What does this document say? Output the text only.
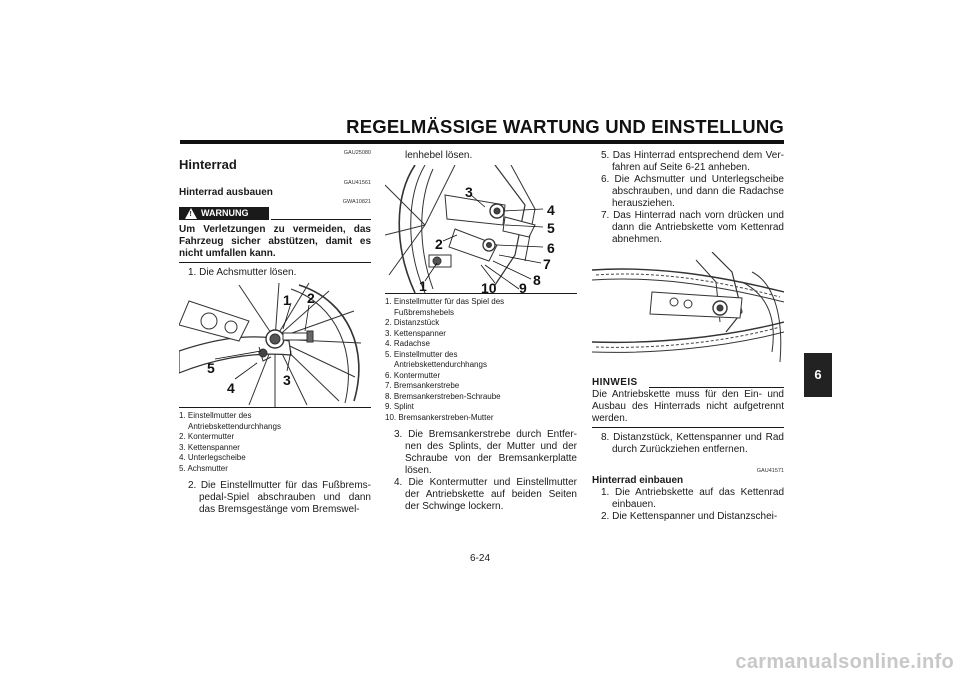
REGELMÄSSIGE WARTUNG UND EINSTELLUNG
GAU25080
Hinterrad
GAU41561
Hinterrad ausbauen
GWA10821
! WARNUNG
Um Verletzungen zu vermeiden, das Fahrzeug sicher abstützen, damit es nicht umfallen kann.
1. Die Achsmutter lösen.
1 2
3
4
5
1. Einstellmutter des
Antriebskettendurchhangs
2. Kontermutter
3. Kettenspanner
4. Unterlegscheibe
5. Achsmutter
2. Die Einstellmutter für das Fußbrems-pedal-Spiel abschrauben und dann das Bremsgestänge vom Bremswel-
lenhebel lösen.
1
2
3
4
5
6
7
8
9
10
1. Einstellmutter für das Spiel des
Fußbremshebels
2. Distanzstück
3. Kettenspanner
4. Radachse
5. Einstellmutter des
Antriebskettendurchhangs
6. Kontermutter
7. Bremsankerstrebe
8. Bremsankerstreben-Schraube
9. Splint
10. Bremsankerstreben-Mutter
3. Die Bremsankerstrebe durch Entfer-nen des Splints, der Mutter und der Schraube von der Bremsankerplatte lösen.
4. Die Kontermutter und Einstellmutter der Antriebskette auf beiden Seiten der Schwinge lockern.
5. Das Hinterrad entsprechend dem Ver-fahren auf Seite 6-21 anheben.
6. Die Achsmutter und Unterlegscheibe abschrauben, und dann die Radachse herausziehen.
7. Das Hinterrad nach vorn drücken und dann die Antriebskette vom Kettenrad abnehmen.
HINWEIS
Die Antriebskette muss für den Ein- und Ausbau des Hinterrads nicht aufgetrennt werden.
8. Distanzstück, Kettenspanner und Rad durch Zurückziehen entfernen.
GAU41571
Hinterrad einbauen
1. Die Antriebskette auf das Kettenrad einbauen.
2. Die Kettenspanner und Distanzschei-
6-24
6
carmanualsonline.info
